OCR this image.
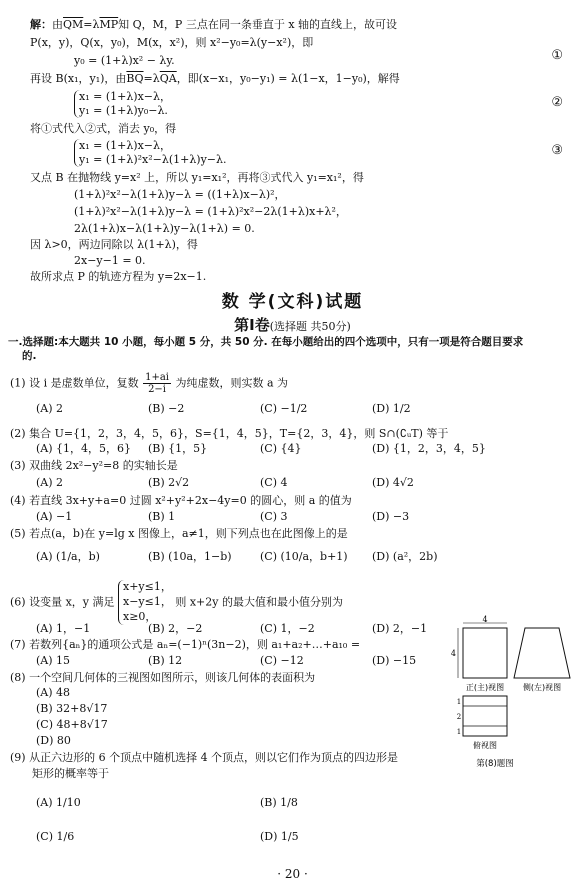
解：由$\overline{QM}=\lambda\overline{MP}$知 Q，M，P 三点在同一条垂直于 x 轴的直线上，故可设
P(x，y)，Q(x，y₀)，M(x，x²)，则 x²−y₀=λ(y−x²)，即
y₀ = (1+λ)x² − λy.
再设 B(x₁，y₁)，由$\overline{BQ}=\lambda\overline{QA}$，即(x−x₁，y₀−y₁) = λ(1−x，1−y₀)，解得
x₁ = (1+λ)x−λ，
y₁ = (1+λ)y₀−λ.
将①式代入②式，消去 y₀，得
x₁ = (1+λ)x−λ，
y₁ = (1+λ)²x²−λ(1+λ)y−λ.
又点 B 在抛物线 y=x² 上，所以 y₁=x₁²，再将③式代入 y₁=x₁²，得
(1+λ)²x²−λ(1+λ)y−λ = ((1+λ)x−λ)²，
(1+λ)²x²−λ(1+λ)y−λ = (1+λ)²x²−2λ(1+λ)x+λ²，
2λ(1+λ)x−λ(1+λ)y−λ(1+λ) = 0.
因 λ>0，两边同除以 λ(1+λ)，得
2x−y−1 = 0.
故所求点 P 的轨迹方程为 y=2x−1.
①
②
③
数 学(文科)试题
第Ⅰ卷(选择题 共50分)
一.选择题:本大题共 10 小题，每小题 5 分，共 50 分. 在每小题给出的四个选项中，只有一项是符合题目要求
的.
(1) 设 i 是虚数单位，复数 $\frac{1+ai}{2-i}$ 为纯虚数，则实数 a 为
(A) 2	(B) −2	(C) −1/2	(D) 1/2
(2) 集合 U={1，2，3，4，5，6}，S={1，4，5}，T={2，3，4}，则 S∩(∁ᵤT) 等于
(A) {1，4，5，6} (B) {1，5}	(C) {4}	(D) {1，2，3，4，5}
(3) 双曲线 2x²−y²=8 的实轴长是
(A) 2	(B) 2√2	(C) 4	(D) 4√2
(4) 若直线 3x+y+a=0 过圆 x²+y²+2x−4y=0 的圆心，则 a 的值为
(A) −1	(B) 1	(C) 3	(D) −3
(5) 若点(a，b)在 y=lg x 图像上，a≠1，则下列点也在此图像上的是
(A) (1/a，b)	(B) (10a，1−b)	(C) (10/a，b+1) (D) (a²，2b)
(6) 设变量 x，y 满足 x+y≤1，
x−y≤1，
x≥0， 则 x+2y 的最大值和最小值分别为
(A) 1，−1	(B) 2，−2	(C) 1，−2	(D) 2，−1
(7) 若数列{aₙ}的通项公式是 aₙ=(−1)ⁿ(3n−2)，则 a₁+a₂+…+a₁₀ =
(A) 15	(B) 12	(C) −12	(D) −15
(8) 一个空间几何体的三视图如图所示，则该几何体的表面积为
(A) 48
(B) 32+8√17
(C) 48+8√17
(D) 80
(9) 从正六边形的 6 个顶点中随机选择 4 个顶点，则以它们作为顶点的四边形是
矩形的概率等于
(A) 1/10	(B) 1/8
(C) 1/6	(D) 1/5
4
4
正(主)视图 侧(左)视图
1
2
1
俯视图
第(8)题图
· 20 ·
